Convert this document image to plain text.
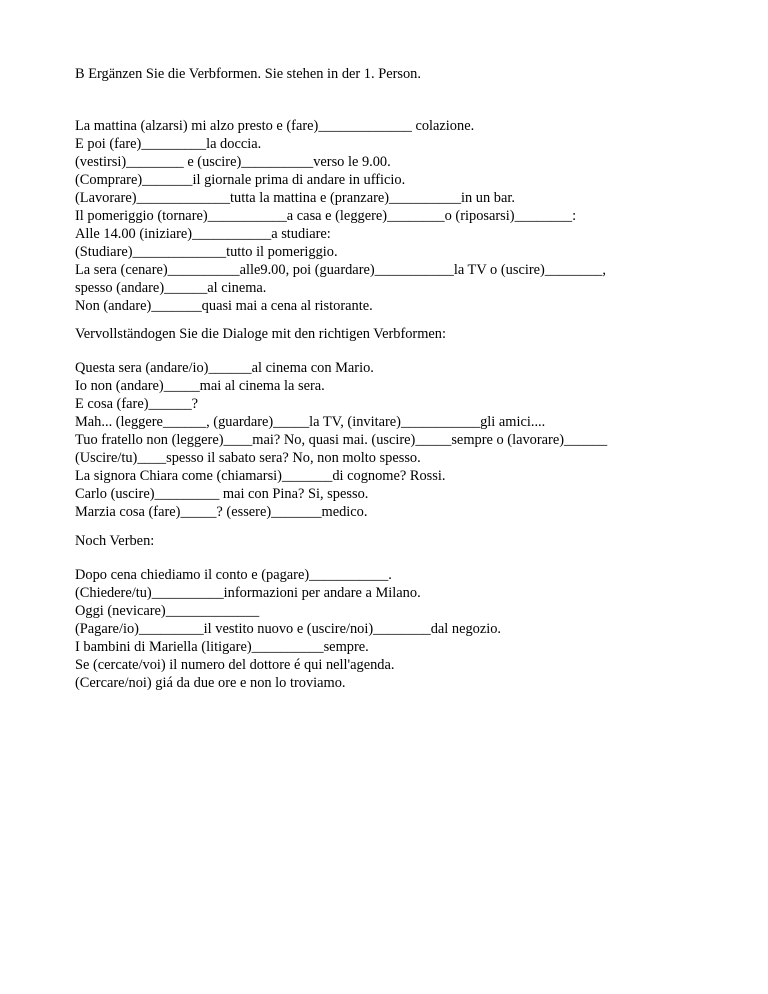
B Ergänzen Sie die Verbformen. Sie stehen in der 1. Person.
La mattina (alzarsi) mi alzo presto e (fare)_____________ colazione.
E poi (fare)_________la doccia.
(vestirsi)________ e (uscire)__________verso le 9.00.
(Comprare)_______il giornale prima di andare in ufficio.
(Lavorare)_____________tutta la mattina e (pranzare)__________in un bar.
Il pomeriggio (tornare)___________a casa e (leggere)________o (riposarsi)________:
Alle 14.00 (iniziare)___________a studiare:
(Studiare)_____________tutto il pomeriggio.
La sera (cenare)__________alle9.00, poi (guardare)___________la TV o (uscire)________,
spesso (andare)______al cinema.
Non (andare)_______quasi mai a cena al ristorante.
Vervollständogen Sie die Dialoge mit den richtigen Verbformen:
Questa sera (andare/io)______al cinema con Mario.
Io non (andare)_____mai al cinema la sera.
E cosa (fare)______?
Mah... (leggere______, (guardare)_____la TV, (invitare)___________gli amici....
Tuo fratello non (leggere)____mai? No, quasi mai. (uscire)_____sempre o (lavorare)______
(Uscire/tu)____spesso il sabato sera? No, non molto spesso.
La signora Chiara come (chiamarsi)_______di cognome? Rossi.
Carlo (uscire)_________ mai con Pina? Si, spesso.
Marzia cosa (fare)_____? (essere)_______medico.
Noch Verben:
Dopo cena chiediamo il conto e (pagare)___________.
(Chiedere/tu)__________informazioni per andare a Milano.
Oggi (nevicare)_____________
(Pagare/io)_________il vestito nuovo e (uscire/noi)________dal negozio.
I bambini di Mariella (litigare)__________sempre.
Se (cercate/voi) il numero del dottore é qui nell'agenda.
(Cercare/noi) giá da due ore e non lo troviamo.
